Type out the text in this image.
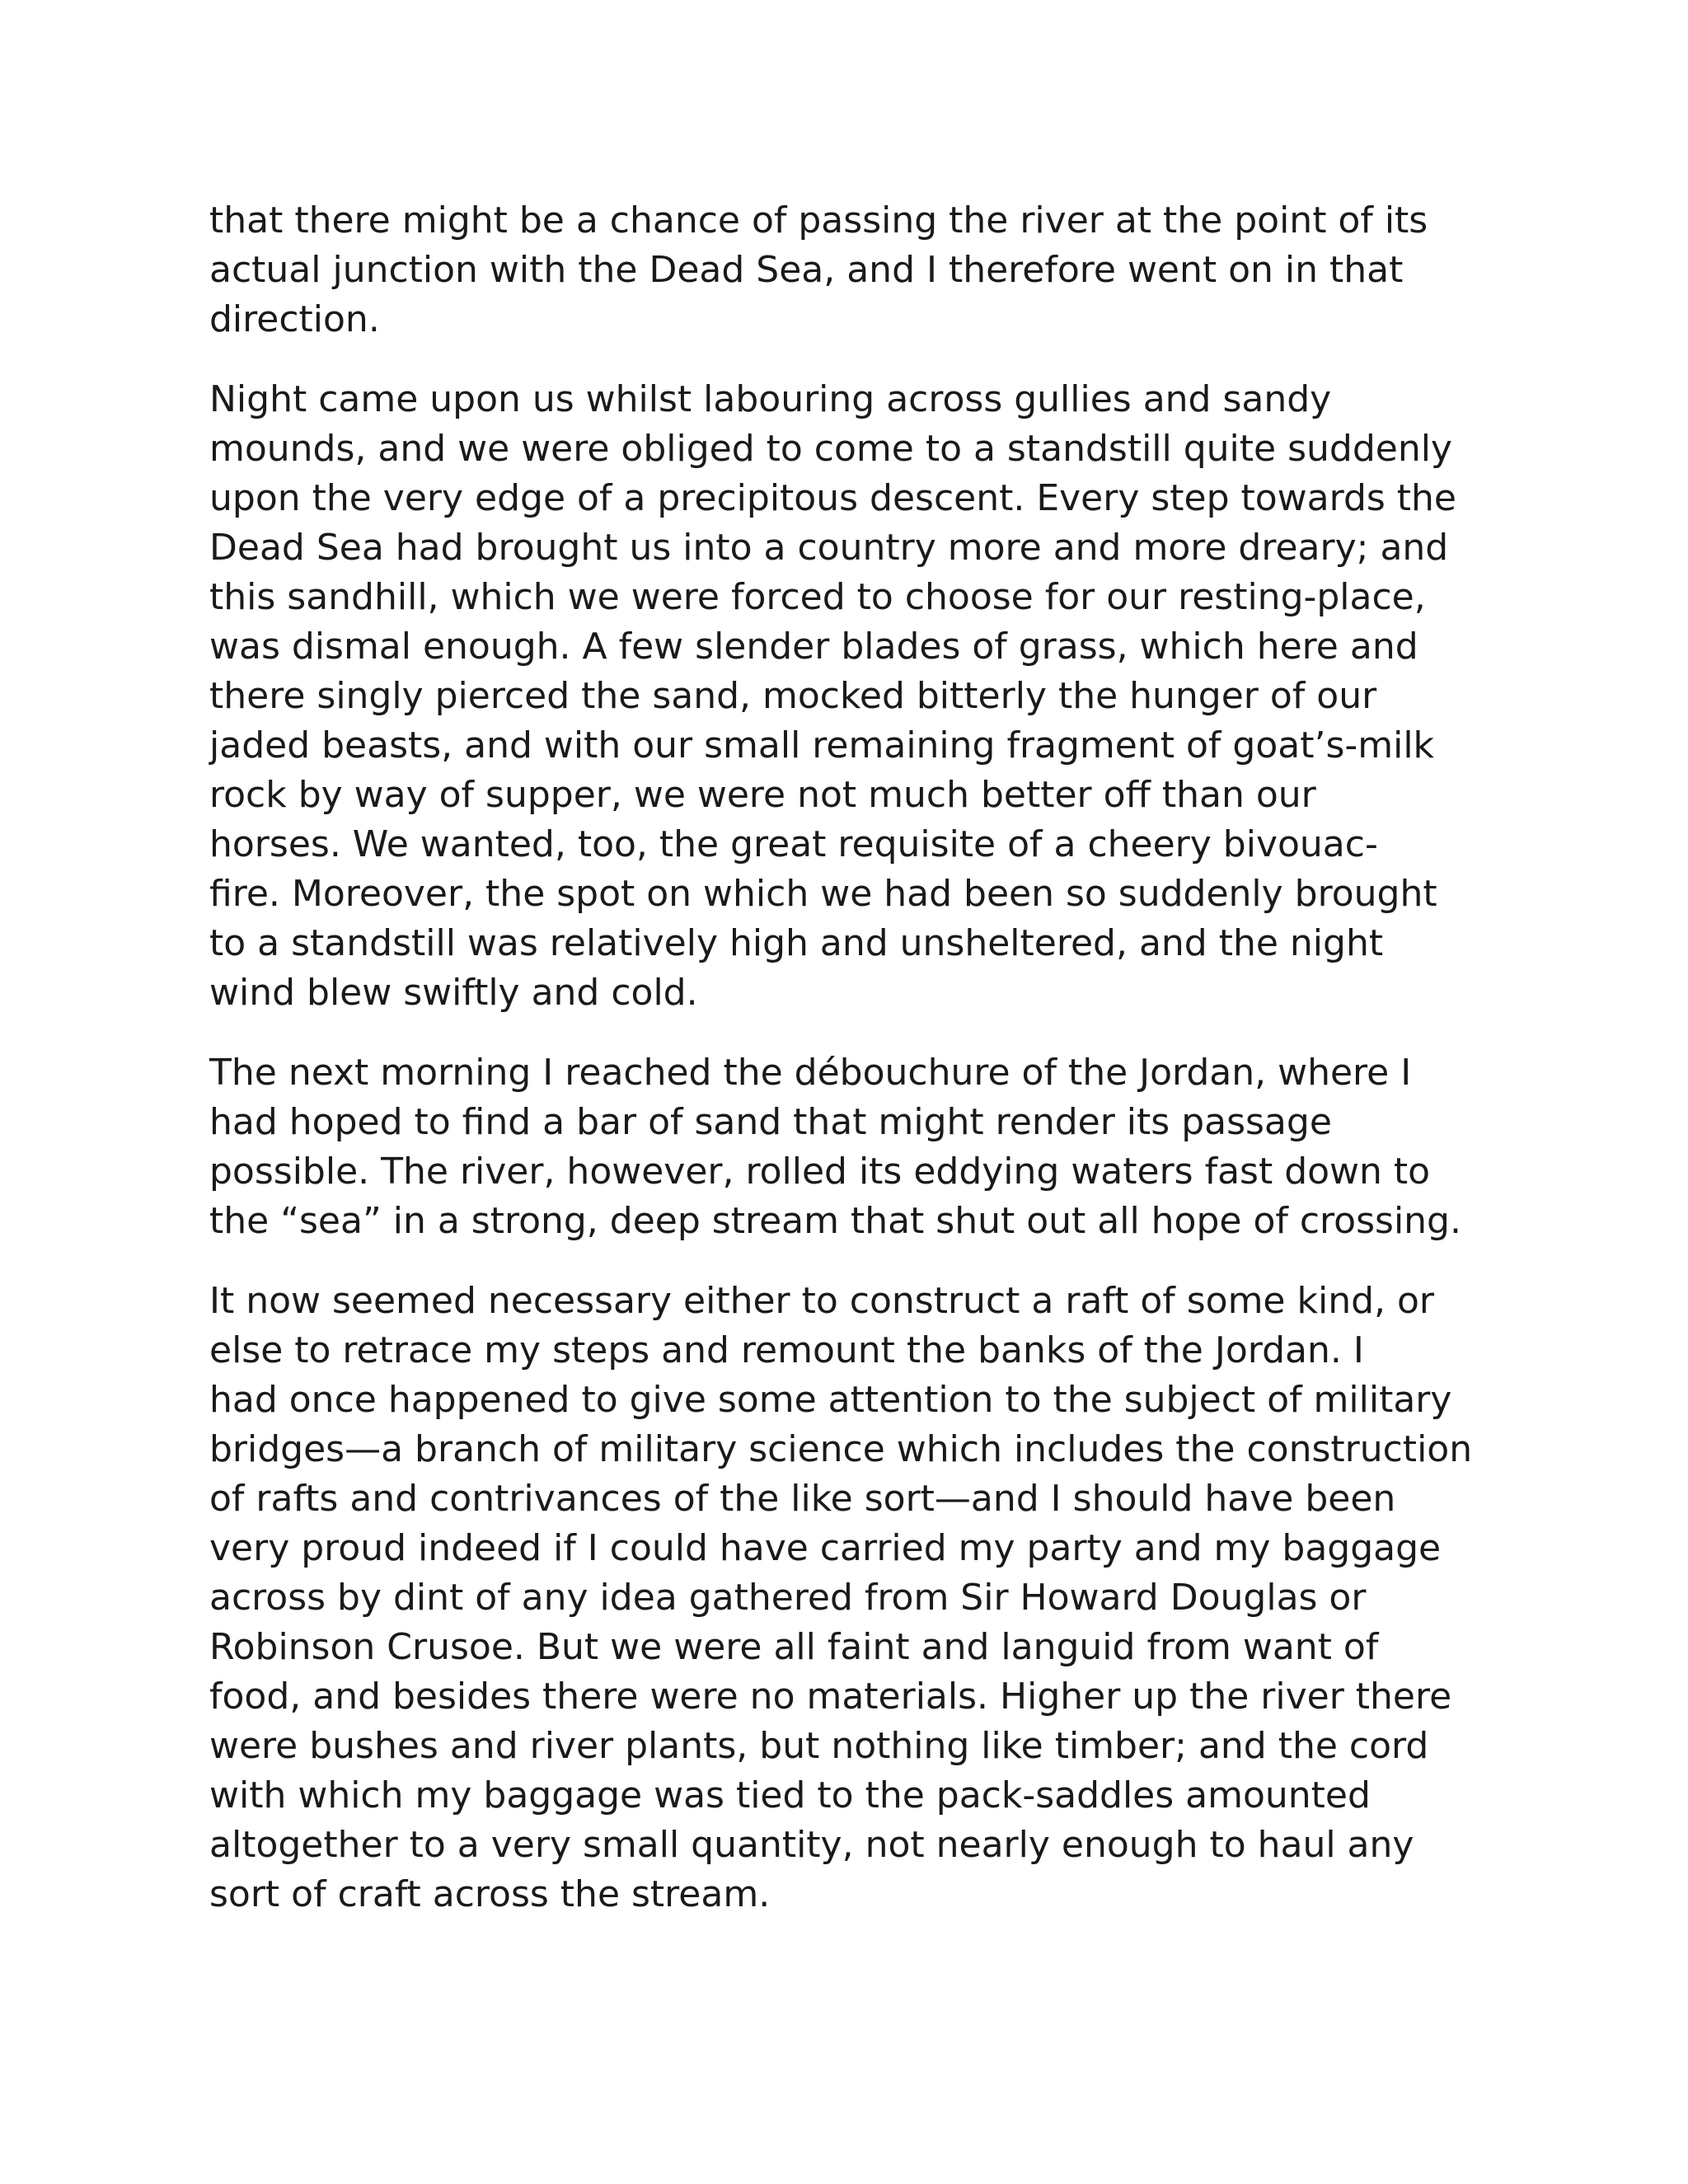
that there might be a chance of passing the river at the point of its
actual junction with the Dead Sea, and I therefore went on in that
direction.
Night came upon us whilst labouring across gullies and sandy
mounds, and we were obliged to come to a standstill quite suddenly
upon the very edge of a precipitous descent. Every step towards the
Dead Sea had brought us into a country more and more dreary; and
this sandhill, which we were forced to choose for our resting-place,
was dismal enough. A few slender blades of grass, which here and
there singly pierced the sand, mocked bitterly the hunger of our
jaded beasts, and with our small remaining fragment of goat’s-milk
rock by way of supper, we were not much better off than our
horses. We wanted, too, the great requisite of a cheery bivouac-
fire. Moreover, the spot on which we had been so suddenly brought
to a standstill was relatively high and unsheltered, and the night
wind blew swiftly and cold.
The next morning I reached the débouchure of the Jordan, where I
had hoped to find a bar of sand that might render its passage
possible. The river, however, rolled its eddying waters fast down to
the “sea” in a strong, deep stream that shut out all hope of crossing.
It now seemed necessary either to construct a raft of some kind, or
else to retrace my steps and remount the banks of the Jordan. I
had once happened to give some attention to the subject of military
bridges—a branch of military science which includes the construction
of rafts and contrivances of the like sort—and I should have been
very proud indeed if I could have carried my party and my baggage
across by dint of any idea gathered from Sir Howard Douglas or
Robinson Crusoe. But we were all faint and languid from want of
food, and besides there were no materials. Higher up the river there
were bushes and river plants, but nothing like timber; and the cord
with which my baggage was tied to the pack-saddles amounted
altogether to a very small quantity, not nearly enough to haul any
sort of craft across the stream.
